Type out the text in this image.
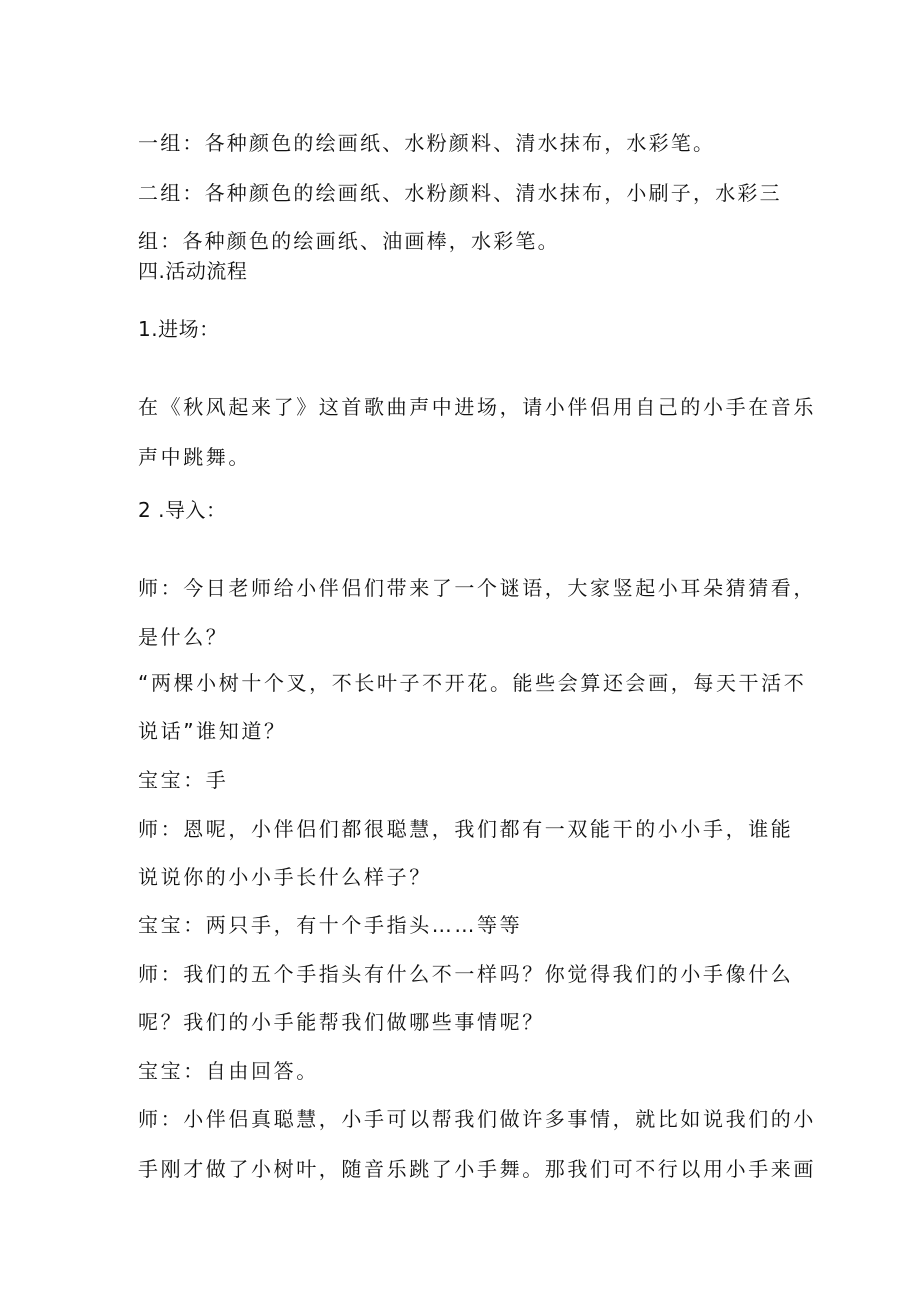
一组：各种颜色的绘画纸、水粉颜料、清水抹布，水彩笔。
二组：各种颜色的绘画纸、水粉颜料、清水抹布，小刷子，水彩三
组：各种颜色的绘画纸、油画棒，水彩笔。
四.活动流程
1.进场：
在《秋风起来了》这首歌曲声中进场，请小伴侣用自己的小手在音乐
声中跳舞。
2 .导入：
师：今日老师给小伴侣们带来了一个谜语，大家竖起小耳朵猜猜看，
是什么？
“两棵小树十个叉，不长叶子不开花。能些会算还会画，每天干活不
说话”谁知道？
宝宝：手
师：恩呢，小伴侣们都很聪慧，我们都有一双能干的小小手，谁能
说说你的小小手长什么样子？
宝宝：两只手，有十个手指头……等等
师：我们的五个手指头有什么不一样吗？你觉得我们的小手像什么
呢？我们的小手能帮我们做哪些事情呢？
宝宝：自由回答。
师：小伴侣真聪慧，小手可以帮我们做许多事情，就比如说我们的小
手刚才做了小树叶，随音乐跳了小手舞。那我们可不行以用小手来画
